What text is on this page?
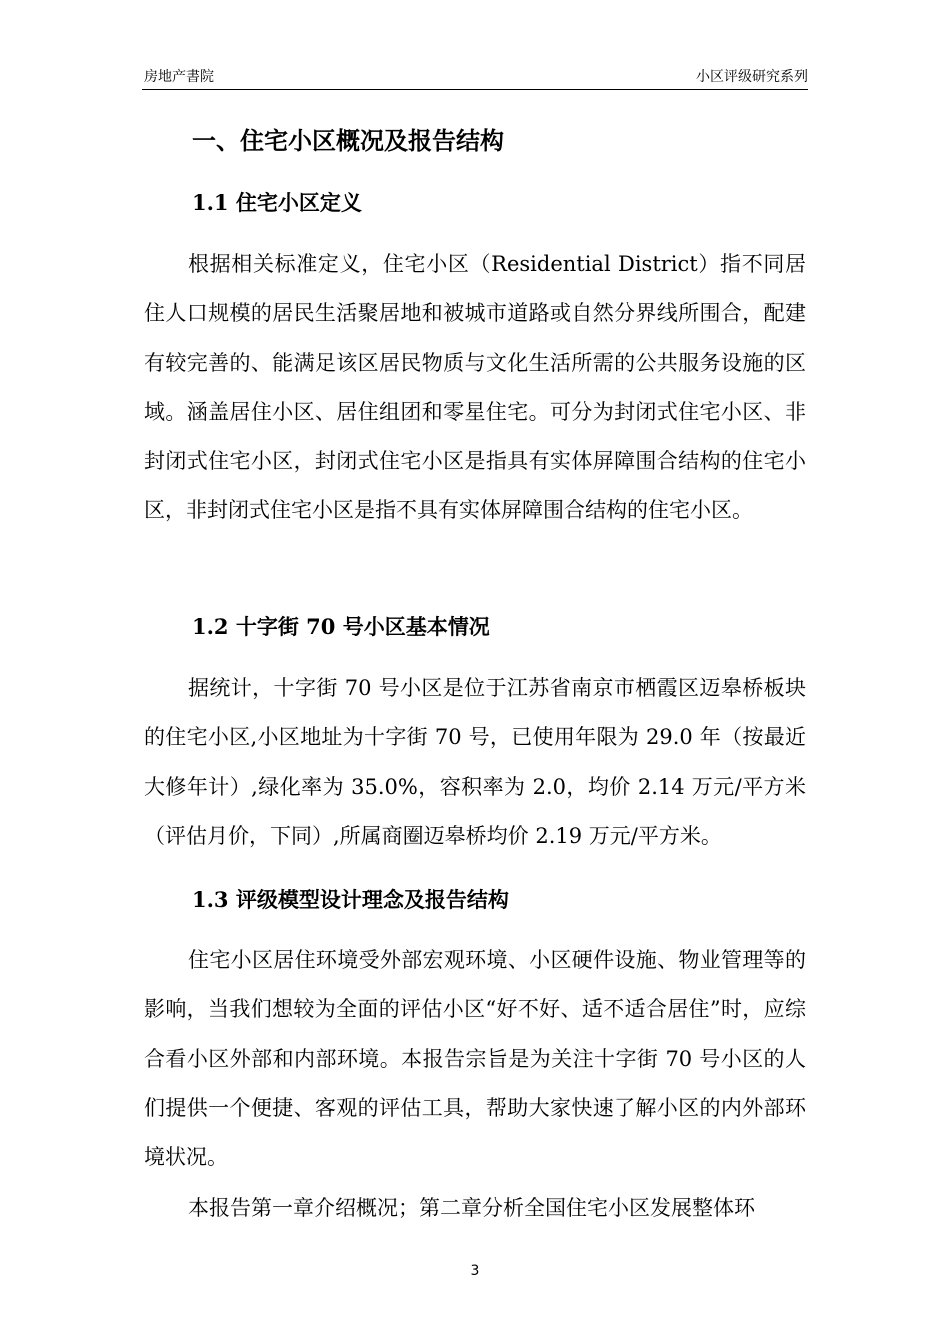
房地产書院	小区评级研究系列
一、住宅小区概况及报告结构
1.1 住宅小区定义

根据相关标准定义，住宅小区（Residential District）指不同居住人口规模的居民生活聚居地和被城市道路或自然分界线所围合，配建有较完善的、能满足该区居民物质与文化生活所需的公共服务设施的区域。涵盖居住小区、居住组团和零星住宅。可分为封闭式住宅小区、非封闭式住宅小区，封闭式住宅小区是指具有实体屏障围合结构的住宅小区，非封闭式住宅小区是指不具有实体屏障围合结构的住宅小区。

1.2 十字街 70 号小区基本情况

据统计，十字街 70 号小区是位于江苏省南京市栖霞区迈皋桥板块的住宅小区,小区地址为十字街 70 号，已使用年限为 29.0 年（按最近大修年计）,绿化率为 35.0%，容积率为 2.0，均价 2.14 万元/平方米（评估月价，下同）,所属商圈迈皋桥均价 2.19 万元/平方米。

1.3 评级模型设计理念及报告结构

住宅小区居住环境受外部宏观环境、小区硬件设施、物业管理等的影响，当我们想较为全面的评估小区“好不好、适不适合居住”时，应综合看小区外部和内部环境。本报告宗旨是为关注十字街 70 号小区的人们提供一个便捷、客观的评估工具，帮助大家快速了解小区的内外部环境状况。

本报告第一章介绍概况；第二章分析全国住宅小区发展整体环

3
